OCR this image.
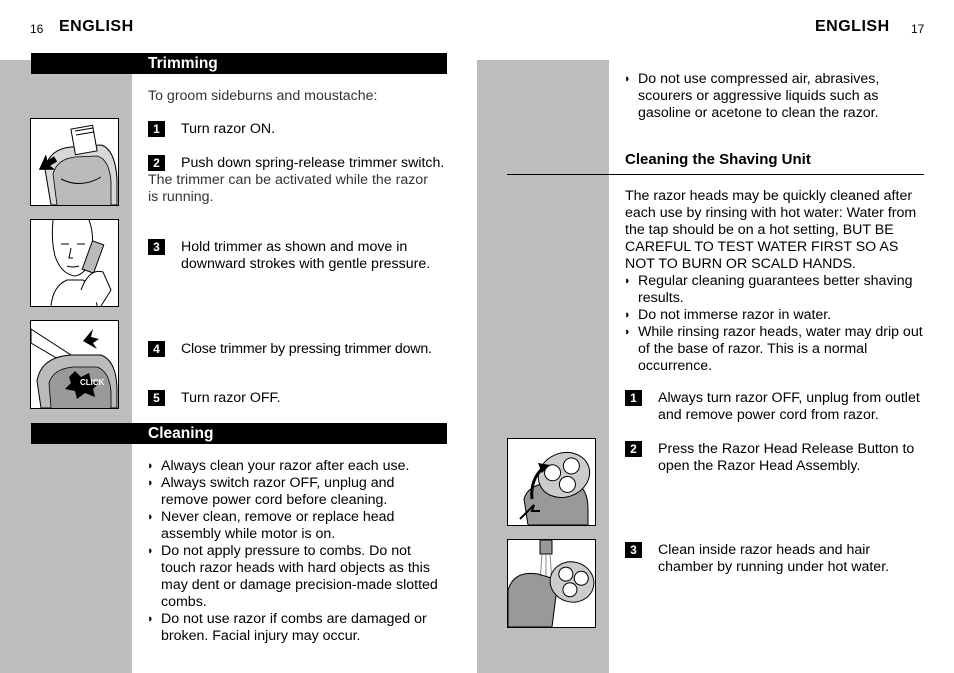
16 ENGLISH
Trimming
To groom sideburns and moustache:
1	Turn razor ON.
2	Push down spring-release trimmer switch.
The trimmer can be activated while the razor is running.
3	Hold trimmer as shown and move in downward strokes with gentle pressure.
CLICK
4	Close trimmer by pressing trimmer down.
5	Turn razor OFF.
Cleaning
◗ Always clean your razor after each use.
◗ Always switch razor OFF, unplug and remove power cord before cleaning.
◗ Never clean, remove or replace head assembly while motor is on.
◗ Do not apply pressure to combs. Do not touch razor heads with hard objects as this may dent or damage precision-made slotted combs.
◗ Do not use razor if combs are damaged or broken. Facial injury may occur.
ENGLISH 17
◗ Do not use compressed air, abrasives, scourers or aggressive liquids such as gasoline or acetone to clean the razor.
Cleaning the Shaving Unit
The razor heads may be quickly cleaned after each use by rinsing with hot water: Water from the tap should be on a hot setting, BUT BE CAREFUL TO TEST WATER FIRST SO AS NOT TO BURN OR SCALD HANDS.
◗ Regular cleaning guarantees better shaving results.
◗ Do not immerse razor in water.
◗ While rinsing razor heads, water may drip out of the base of razor. This is a normal occurrence.
1	Always turn razor OFF, unplug from outlet and remove power cord from razor.
2	Press the Razor Head Release Button to open the Razor Head Assembly.
3	Clean inside razor heads and hair chamber by running under hot water.
